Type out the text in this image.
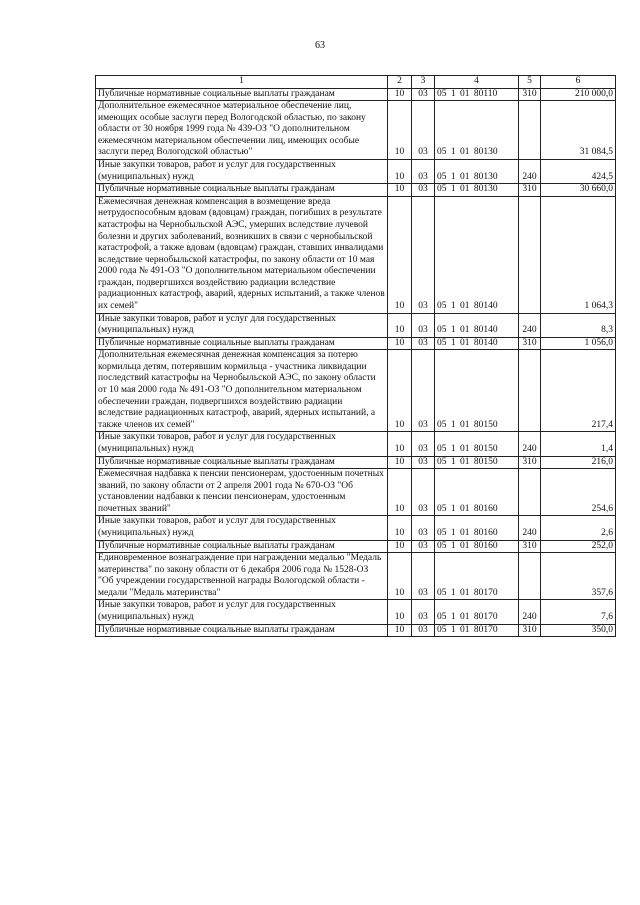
63
1	2	3	4	5	6
Публичные нормативные социальные выплаты гражданам	10	03	05 1 01 80110	310	210 000,0
Дополнительное ежемесячное материальное обеспечение лиц, имеющих особые заслуги перед Вологодской областью, по закону области от 30 ноября 1999 года № 439-ОЗ "О дополнительном ежемесячном материальном обеспечении лиц, имеющих особые заслуги перед Вологодской областью"	10	03	05 1 01 80130		31 084,5
Иные закупки товаров, работ и услуг для государственных (муниципальных) нужд	10	03	05 1 01 80130	240	424,5
Публичные нормативные социальные выплаты гражданам	10	03	05 1 01 80130	310	30 660,0
Ежемесячная денежная компенсация в возмещение вреда нетрудоспособным вдовам (вдовцам) граждан, погибших в результате катастрофы на Чернобыльской АЭС, умерших вследствие лучевой болезни и других заболеваний, возникших в связи с чернобыльской катастрофой, а также вдовам (вдовцам) граждан, ставших инвалидами вследствие чернобыльской катастрофы, по закону области от 10 мая 2000 года № 491-ОЗ "О дополнительном материальном обеспечении граждан, подвергшихся воздействию радиации вследствие радиационных катастроф, аварий, ядерных испытаний, а также членов их семей"	10	03	05 1 01 80140		1 064,3
Иные закупки товаров, работ и услуг для государственных (муниципальных) нужд	10	03	05 1 01 80140	240	8,3
Публичные нормативные социальные выплаты гражданам	10	03	05 1 01 80140	310	1 056,0
Дополнительная ежемесячная денежная компенсация за потерю кормильца детям, потерявшим кормильца - участника ликвидации последствий катастрофы на Чернобыльской АЭС, по закону области от 10 мая 2000 года № 491-ОЗ "О дополнительном материальном обеспечении граждан, подвергшихся воздействию радиации вследствие радиационных катастроф, аварий, ядерных испытаний, а также членов их семей"	10	03	05 1 01 80150		217,4
Иные закупки товаров, работ и услуг для государственных (муниципальных) нужд	10	03	05 1 01 80150	240	1,4
Публичные нормативные социальные выплаты гражданам	10	03	05 1 01 80150	310	216,0
Ежемесячная надбавка к пенсии пенсионерам, удостоенным почетных званий, по закону области от 2 апреля 2001 года № 670-ОЗ "Об установлении надбавки к пенсии пенсионерам, удостоенным почетных званий"	10	03	05 1 01 80160		254,6
Иные закупки товаров, работ и услуг для государственных (муниципальных) нужд	10	03	05 1 01 80160	240	2,6
Публичные нормативные социальные выплаты гражданам	10	03	05 1 01 80160	310	252,0
Единовременное вознаграждение при награждении медалью "Медаль материнства" по закону области от 6 декабря 2006 года № 1528-ОЗ "Об учреждении государственной награды Вологодской области - медали "Медаль материнства"	10	03	05 1 01 80170		357,6
Иные закупки товаров, работ и услуг для государственных (муниципальных) нужд	10	03	05 1 01 80170	240	7,6
Публичные нормативные социальные выплаты гражданам	10	03	05 1 01 80170	310	350,0
